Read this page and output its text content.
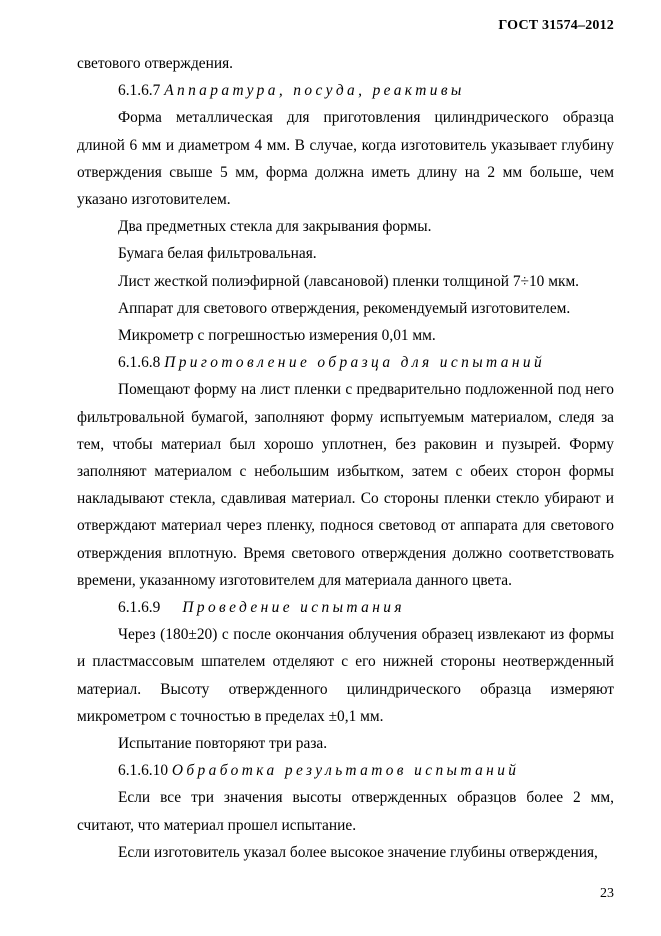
ГОСТ 31574–2012

светового отверждения.

6.1.6.7 Аппаратура, посуда, реактивы

Форма металлическая для приготовления цилиндрического образца длиной 6 мм и диаметром 4 мм. В случае, когда изготовитель указывает глубину отверждения свыше 5 мм, форма должна иметь длину на 2 мм больше, чем указано изготовителем.

Два предметных стекла для закрывания формы.

Бумага белая фильтровальная.

Лист жесткой полиэфирной (лавсановой) пленки толщиной 7÷10 мкм.

Аппарат для светового отверждения, рекомендуемый изготовителем.

Микрометр с погрешностью измерения 0,01 мм.

6.1.6.8 Приготовление образца для испытаний

Помещают форму на лист пленки с предварительно подложенной под него фильтровальной бумагой, заполняют форму испытуемым материалом, следя за тем, чтобы материал был хорошо уплотнен, без раковин и пузырей. Форму заполняют материалом с небольшим избытком, затем с обеих сторон формы накладывают стекла, сдавливая материал. Со стороны пленки стекло убирают и отверждают материал через пленку, поднося световод от аппарата для светового отверждения вплотную. Время светового отверждения должно соответствовать времени, указанному изготовителем для материала данного цвета.

6.1.6.9 Проведение испытания

Через (180±20) с после окончания облучения образец извлекают из формы и пластмассовым шпателем отделяют с его нижней стороны неотвержденный материал. Высоту отвержденного цилиндрического образца измеряют микрометром с точностью в пределах ±0,1 мм.

Испытание повторяют три раза.

6.1.6.10 Обработка результатов испытаний

Если все три значения высоты отвержденных образцов более 2 мм, считают, что материал прошел испытание.

Если изготовитель указал более высокое значение глубины отверждения,

23
